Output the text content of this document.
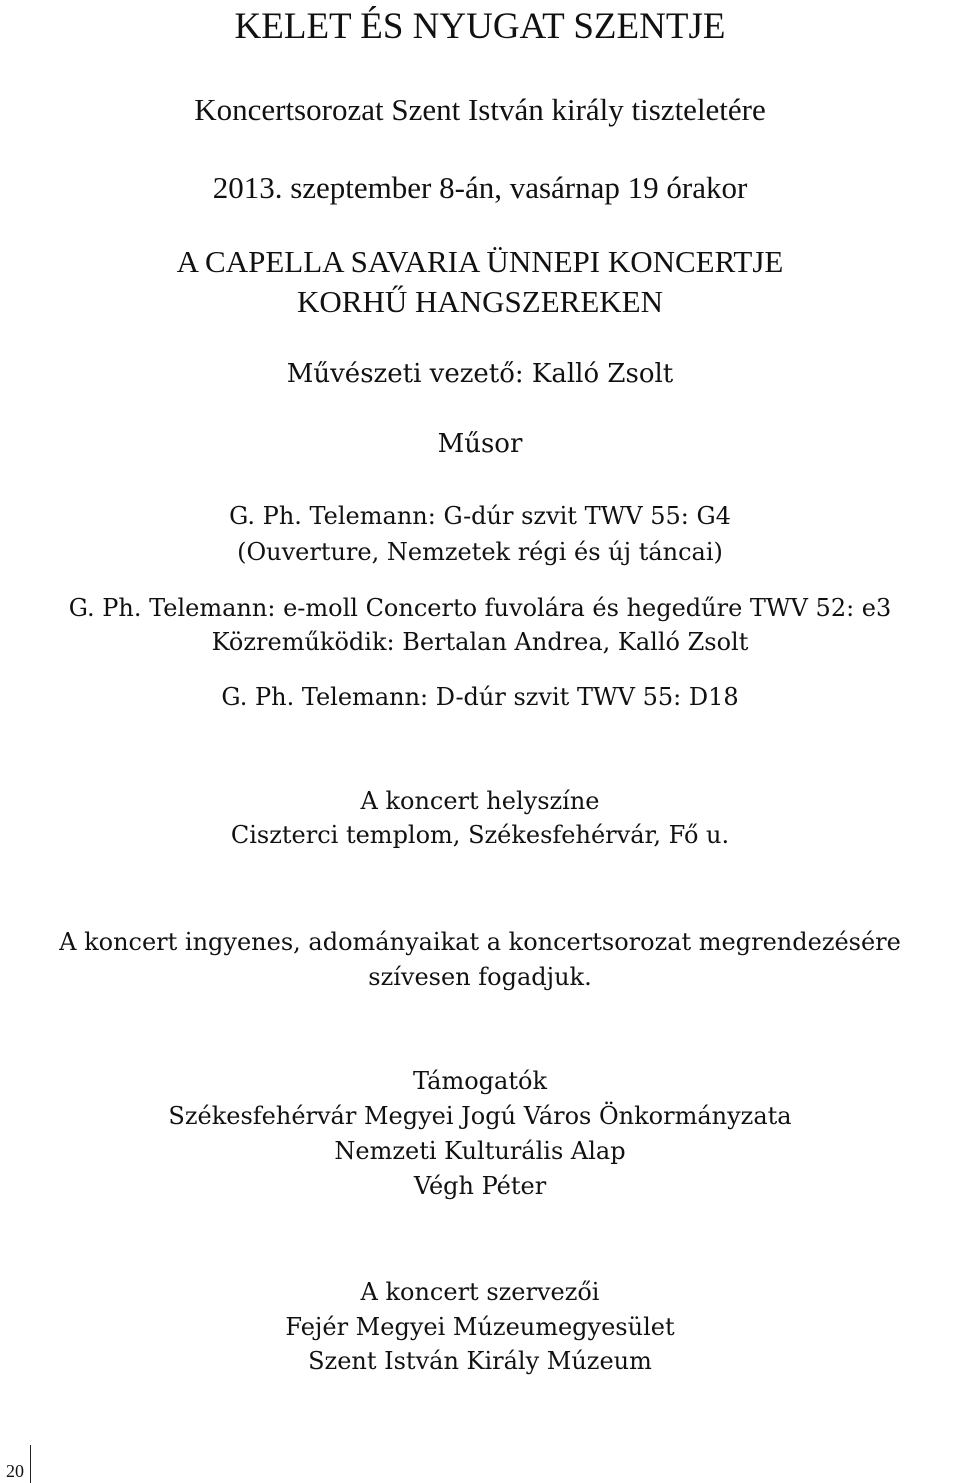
KELET ÉS NYUGAT SZENTJE
Koncertsorozat Szent István király tiszteletére
2013. szeptember 8-án, vasárnap 19 órakor
A CAPELLA SAVARIA ÜNNEPI KONCERTJE
KORHŰ HANGSZEREKEN
Művészeti vezető: Kalló Zsolt
Műsor
G. Ph. Telemann: G-dúr szvit TWV 55: G4
(Ouverture, Nemzetek régi és új táncai)
G. Ph. Telemann: e-moll Concerto fuvolára és hegedűre TWV 52: e3
Közreműködik: Bertalan Andrea, Kalló Zsolt
G. Ph. Telemann: D-dúr szvit TWV 55: D18
A koncert helyszíne
Ciszterci templom, Székesfehérvár, Fő u.
A koncert ingyenes, adományaikat a koncertsorozat megrendezésére
szívesen fogadjuk.
Támogatók
Székesfehérvár Megyei Jogú Város Önkormányzata
Nemzeti Kulturális Alap
Végh Péter
A koncert szervezői
Fejér Megyei Múzeumegyesület
Szent István Király Múzeum
20
